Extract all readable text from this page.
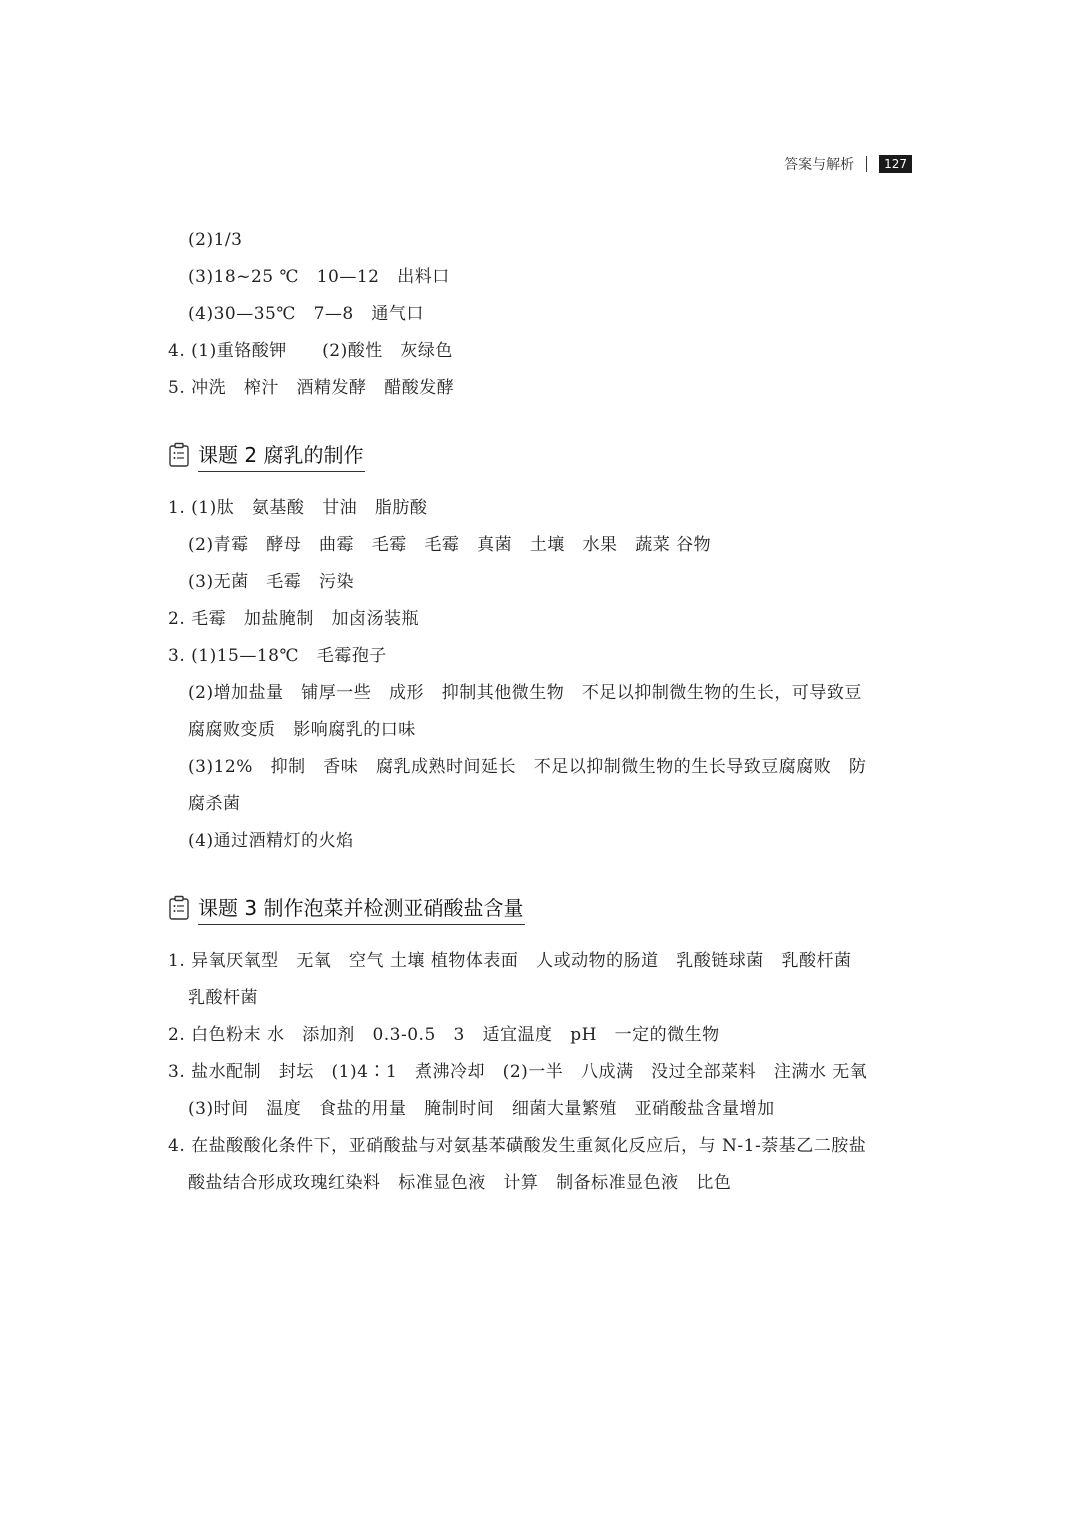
答案与解析	127
(2)1/3
(3)18~25 ℃   10—12   出料口
(4)30—35℃   7—8   通气口
4. (1)重铬酸钾      (2)酸性   灰绿色
5. 冲洗   榨汁   酒精发酵   醋酸发酵
课题 2 腐乳的制作
1. (1)肽   氨基酸   甘油   脂肪酸
(2)青霉   酵母   曲霉   毛霉   毛霉   真菌   土壤   水果   蔬菜 谷物
(3)无菌   毛霉   污染
2. 毛霉   加盐腌制   加卤汤装瓶
3. (1)15—18℃   毛霉孢子
(2)增加盐量   铺厚一些   成形   抑制其他微生物   不足以抑制微生物的生长，可导致豆
腐腐败变质   影响腐乳的口味
(3)12%   抑制   香味   腐乳成熟时间延长   不足以抑制微生物的生长导致豆腐腐败   防
腐杀菌
(4)通过酒精灯的火焰
课题 3 制作泡菜并检测亚硝酸盐含量
1. 异氧厌氧型   无氧   空气 土壤 植物体表面   人或动物的肠道   乳酸链球菌   乳酸杆菌
乳酸杆菌
2. 白色粉末 水   添加剂   0.3-0.5   3   适宜温度   pH   一定的微生物
3. 盐水配制   封坛   (1)4∶1   煮沸冷却   (2)一半   八成满   没过全部菜料   注满水 无氧
(3)时间   温度   食盐的用量   腌制时间   细菌大量繁殖   亚硝酸盐含量增加
4. 在盐酸酸化条件下，亚硝酸盐与对氨基苯磺酸发生重氮化反应后，与 N-1-萘基乙二胺盐
酸盐结合形成玫瑰红染料   标准显色液   计算   制备标准显色液   比色
